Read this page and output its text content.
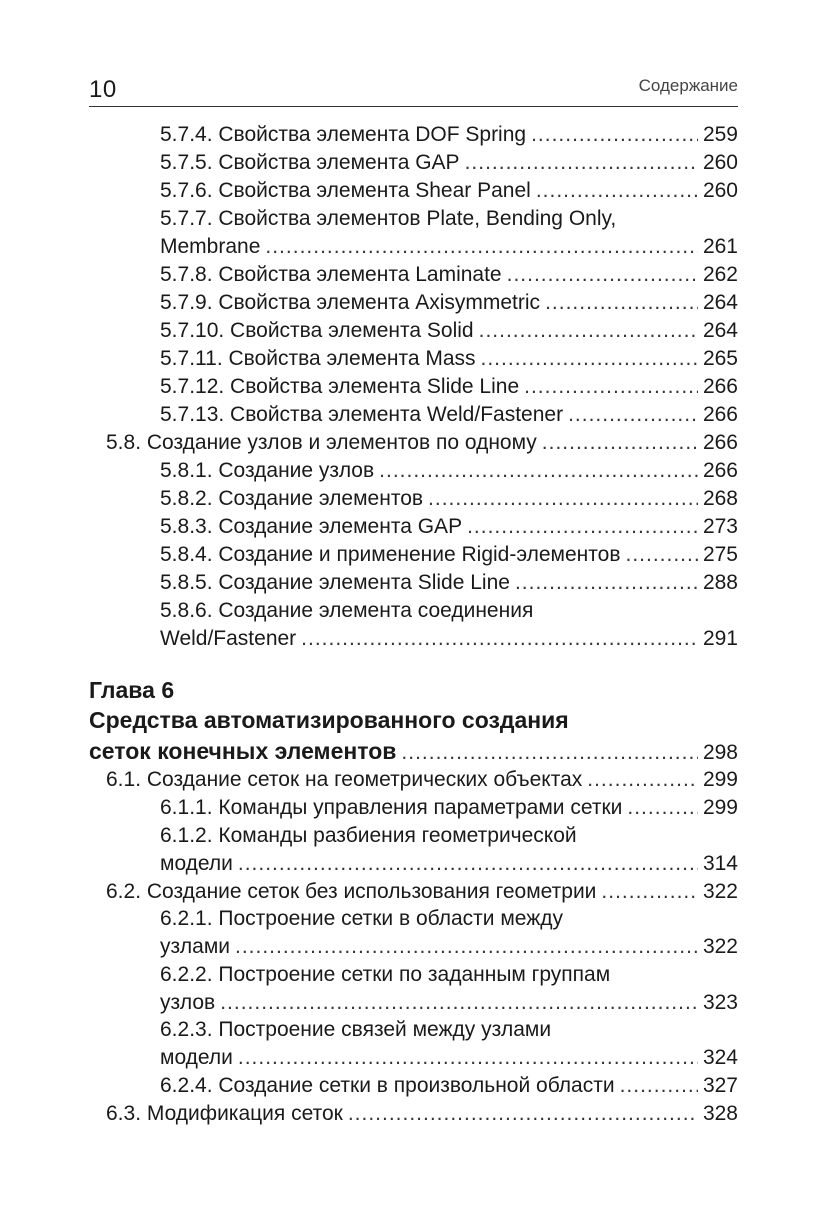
10	Содержание
5.7.4. Свойства элемента DOF Spring .....	259
5.7.5. Свойства элемента GAP .....	260
5.7.6. Свойства элемента Shear Panel .....	260
5.7.7. Свойства элементов Plate, Bending Only,
Membrane .....	261
5.7.8. Свойства элемента Laminate .....	262
5.7.9. Свойства элемента Axisymmetric .....	264
5.7.10. Свойства элемента Solid .....	264
5.7.11. Свойства элемента Mass .....	265
5.7.12. Свойства элемента Slide Line .....	266
5.7.13. Свойства элемента Weld/Fastener .....	266
5.8. Создание узлов и элементов по одному .....	266
5.8.1. Создание узлов .....	266
5.8.2. Создание элементов .....	268
5.8.3. Создание элемента GAP .....	273
5.8.4. Создание и применение Rigid-элементов .....	275
5.8.5. Создание элемента Slide Line .....	288
5.8.6. Создание элемента соединения
Weld/Fastener .....	291
Глава 6
Средства автоматизированного создания
сеток конечных элементов .....	298
6.1. Создание сеток на геометрических объектах .....	299
6.1.1. Команды управления параметрами сетки .....	299
6.1.2. Команды разбиения геометрической
модели .....	314
6.2. Создание сеток без использования геометрии .....	322
6.2.1. Построение сетки в области между
узлами .....	322
6.2.2. Построение сетки по заданным группам
узлов .....	323
6.2.3. Построение связей между узлами
модели .....	324
6.2.4. Создание сетки в произвольной области .....	327
6.3. Модификация сеток .....	328
